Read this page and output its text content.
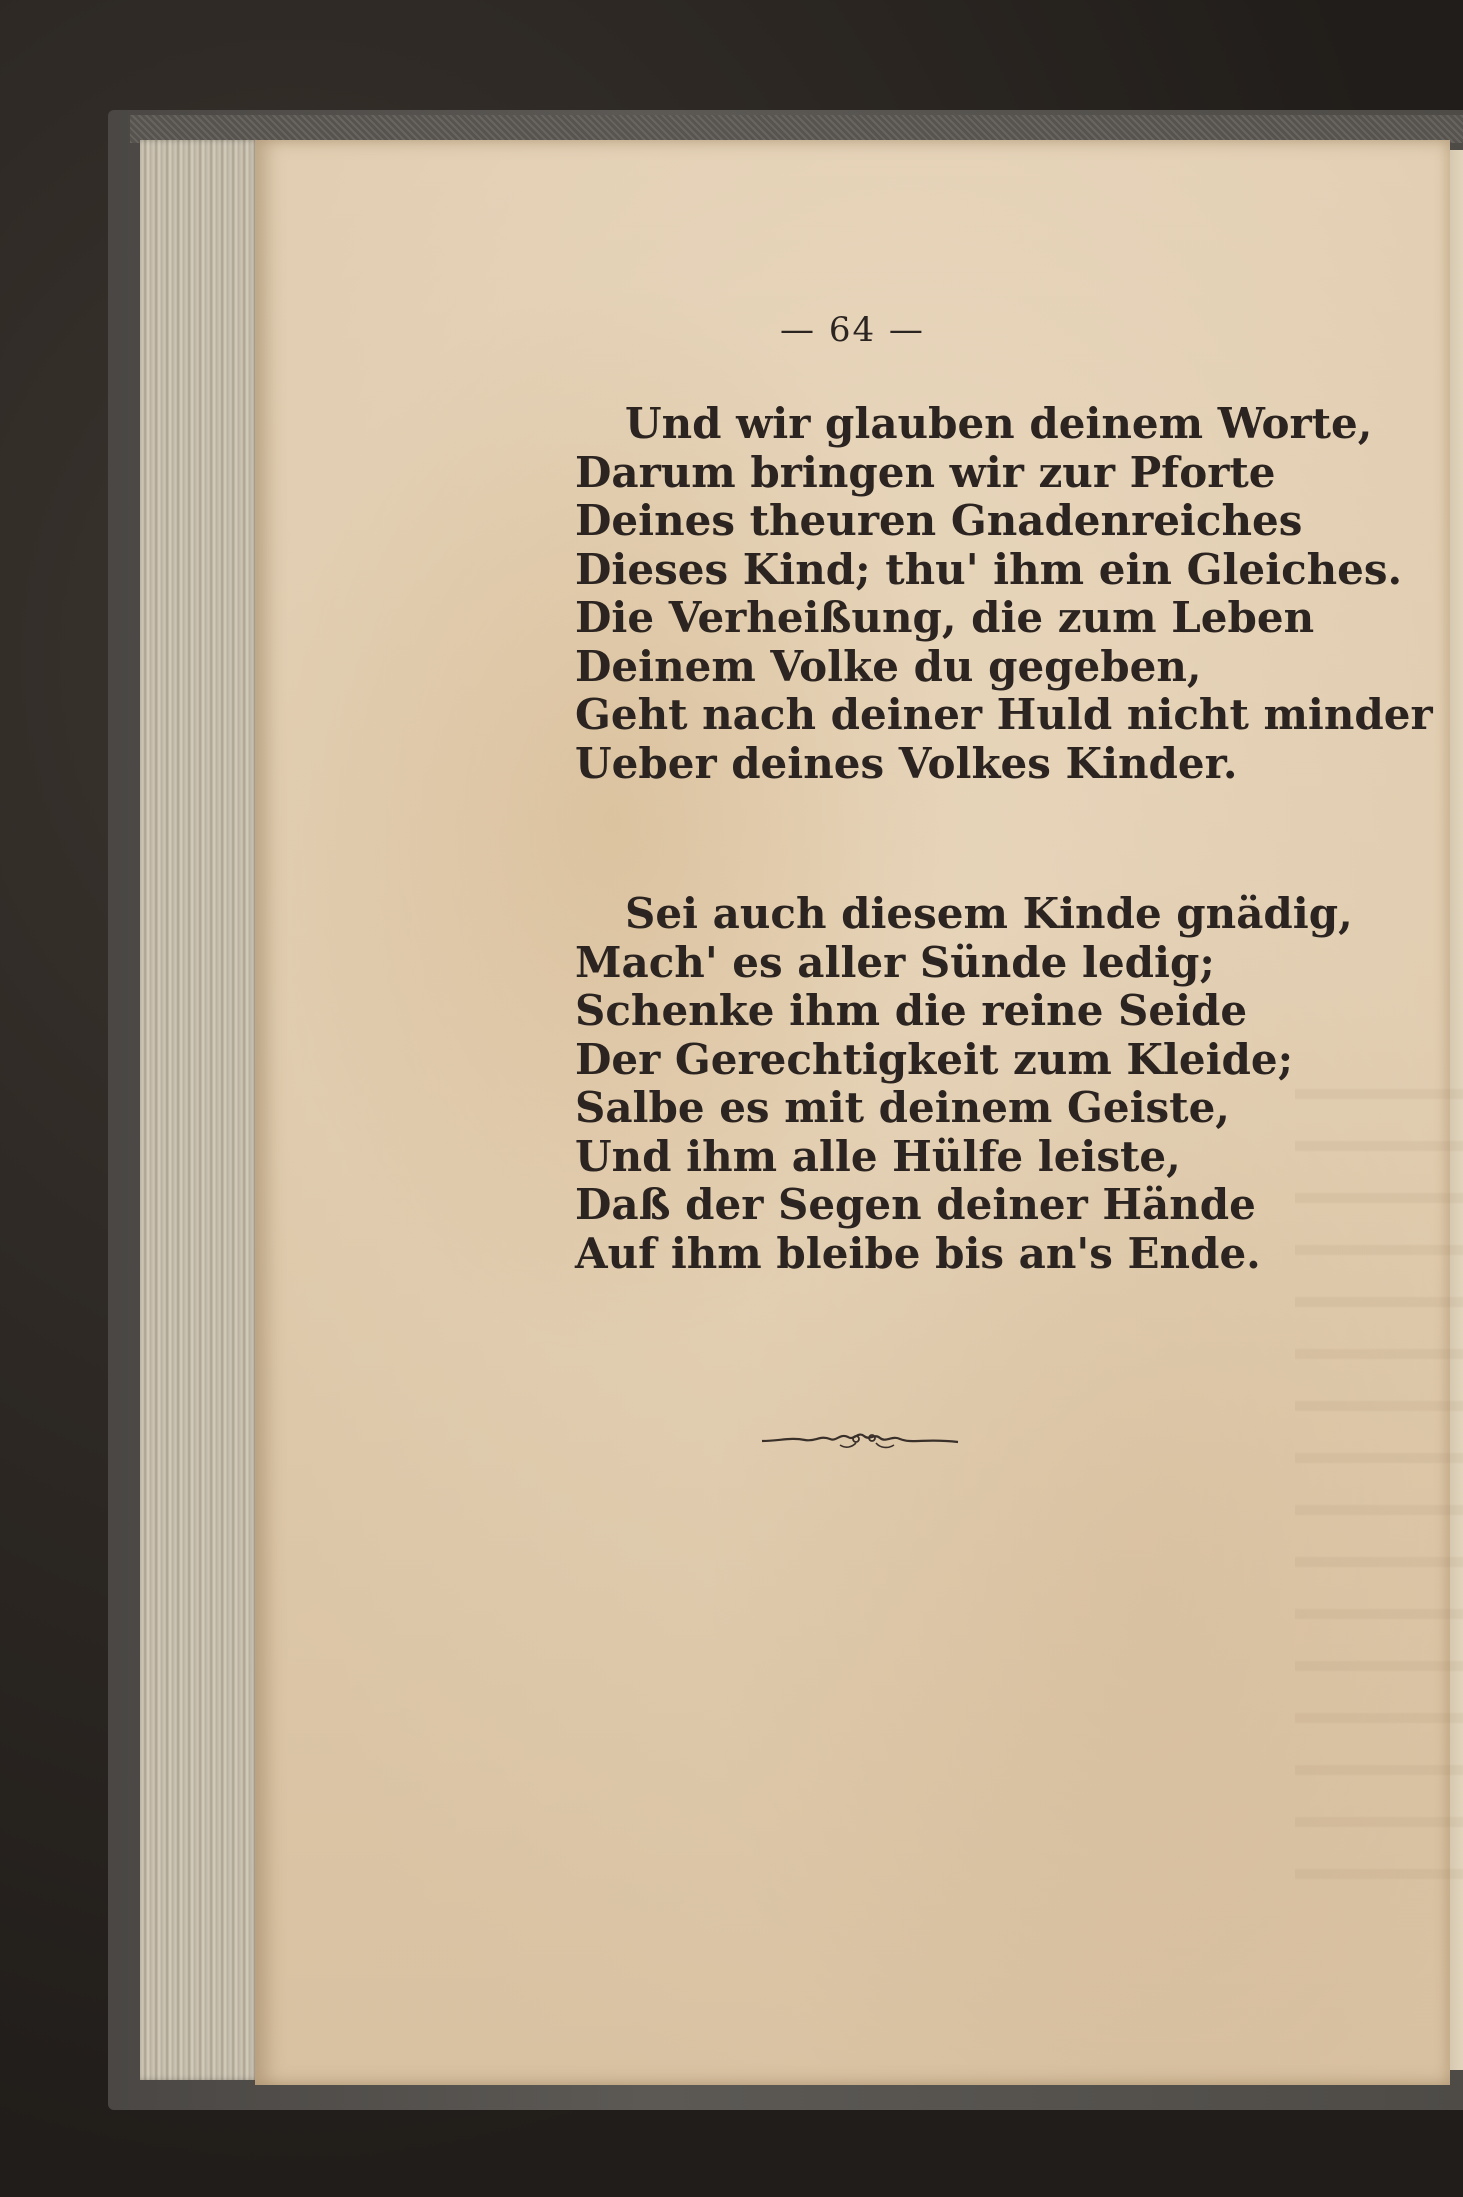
— 64 —
Und wir glauben deinem Worte,
Darum bringen wir zur Pforte
Deines theuren Gnadenreiches
Dieses Kind; thu' ihm ein Gleiches.
Die Verheißung, die zum Leben
Deinem Volke du gegeben,
Geht nach deiner Huld nicht minder
Ueber deines Volkes Kinder.
Sei auch diesem Kinde gnädig,
Mach' es aller Sünde ledig;
Schenke ihm die reine Seide
Der Gerechtigkeit zum Kleide;
Salbe es mit deinem Geiste,
Und ihm alle Hülfe leiste,
Daß der Segen deiner Hände
Auf ihm bleibe bis an's Ende.
